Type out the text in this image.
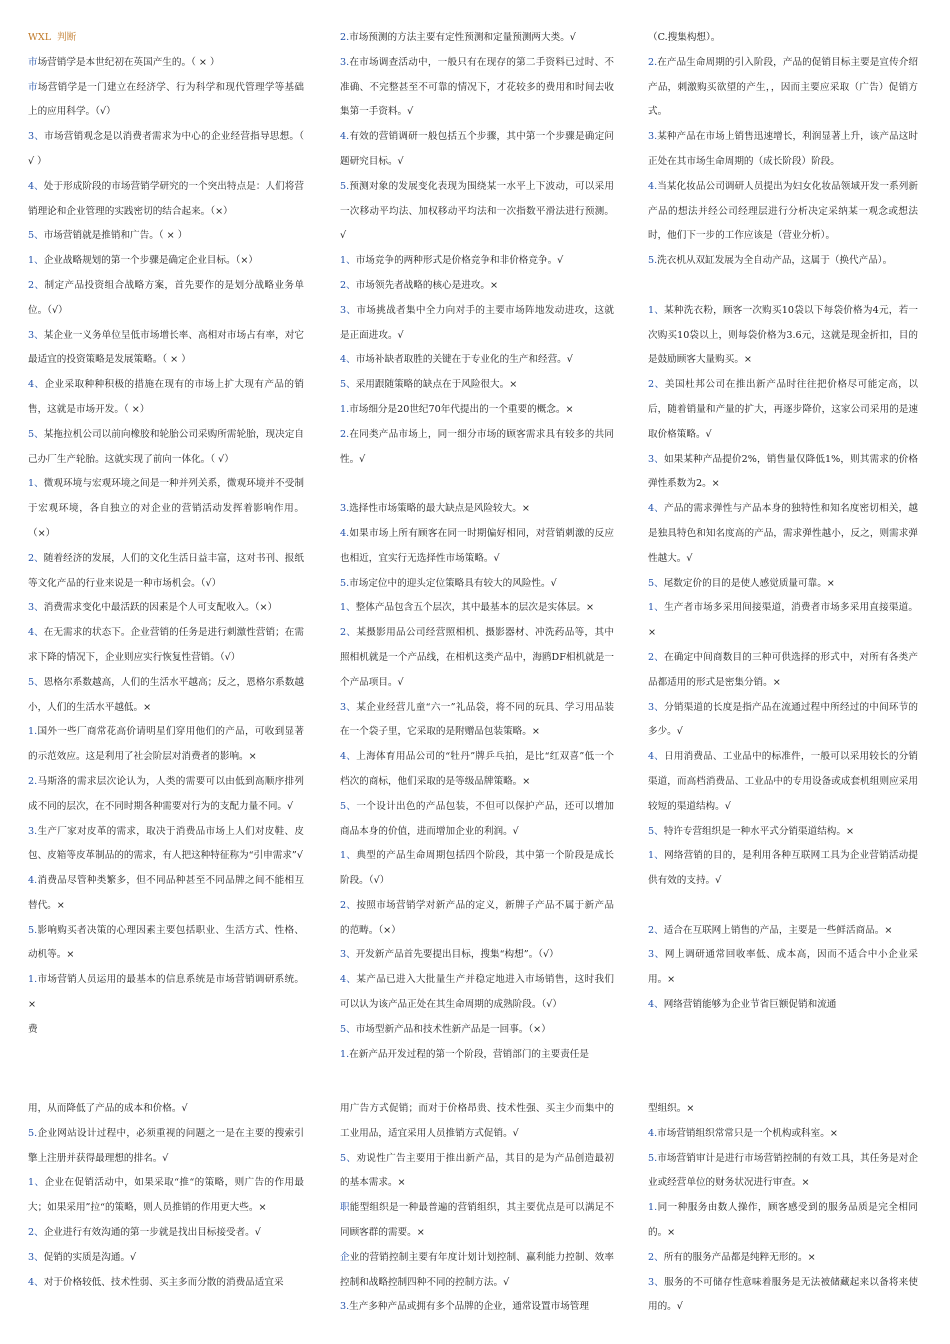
WXL 判断

市场营销学是本世纪初在英国产生的。（ × ）

市场营销学是一门建立在经济学、行为科学和现代管理学等基础上的应用科学。（√）

3、市场营销观念是以消费者需求为中心的企业经营指导思想。（ √ ）

4、处于形成阶段的市场营销学研究的一个突出特点是：人们将营销理论和企业管理的实践密切的结合起来。（×）

5、市场营销就是推销和广告。（ × ）

1、企业战略规划的第一个步骤是确定企业目标。（×）

2、制定产品投资组合战略方案，首先要作的是划分战略业务单位。（√）

3、某企业一义务单位呈低市场增长率、高相对市场占有率，对它最适宜的投资策略是发展策略。（ × ）

4、企业采取种种积极的措施在现有的市场上扩大现有产品的销售，这就是市场开发。（ ×）

5、某拖拉机公司以前向橡胶和轮胎公司采购所需轮胎，现决定自己办厂生产轮胎。这就实现了前向一体化。（ √）

1、微观环境与宏观环境之间是一种并列关系，微观环境并不受制于宏观环境，各自独立的对企业的营销活动发挥着影响作用。（×）

2、随着经济的发展，人们的文化生活日益丰富，这对书刊、报纸等文化产品的行业来说是一种市场机会。（√）

3、消费需求变化中最活跃的因素是个人可支配收入。（×）

4、在无需求的状态下。企业营销的任务是进行刺激性营销；在需求下降的情况下，企业则应实行恢复性营销。（√）

5、恩格尔系数越高，人们的生活水平越高；反之，恩格尔系数越小，人们的生活水平越低。×

1.国外一些厂商常花高价请明星们穿用他们的产品，可收到显著的示范效应。这是利用了社会阶层对消费者的影响。×

2.马斯洛的需求层次论认为，人类的需要可以由低到高顺序排列成不同的层次，在不同时期各种需要对行为的支配力量不同。√

3.生产厂家对皮革的需求，取决于消费品市场上人们对皮鞋、皮包、皮箱等皮革制品的的需求，有人把这种特征称为“引申需求”√

4.消费品尽管种类繁多，但不同品种甚至不同品牌之间不能相互替代。×

5.影响购买者决策的心理因素主要包括职业、生活方式、性格、动机等。×

1.市场营销人员运用的最基本的信息系统是市场营销调研系统。×

费

2.市场预测的方法主要有定性预测和定量预测两大类。√

3.在市场调查活动中，一般只有在现存的第二手资料已过时、不准确、不完整甚至不可靠的情况下，才花较多的费用和时间去收集第一手资料。√

4.有效的营销调研一般包括五个步骤，其中第一个步骤是确定问题研究目标。√

5.预测对象的发展变化表现为围绕某一水平上下波动，可以采用一次移动平均法、加权移动平均法和一次指数平滑法进行预测。√

1、市场竞争的两种形式是价格竞争和非价格竞争。√

2、市场领先者战略的核心是进攻。×

3、市场挑战者集中全力向对手的主要市场阵地发动进攻，这就是正面进攻。√

4、市场补缺者取胜的关键在于专业化的生产和经营。√

5、采用跟随策略的缺点在于风险很大。×

1.市场细分是20世纪70年代提出的一个重要的概念。×

2.在同类产品市场上，同一细分市场的顾客需求具有较多的共同性。√

3.选择性市场策略的最大缺点是风险较大。×

4.如果市场上所有顾客在同一时期偏好相同，对营销刺激的反应也相近，宜实行无选择性市场策略。√

5.市场定位中的迎头定位策略具有较大的风险性。√

1、整体产品包含五个层次，其中最基本的层次是实体层。×

2、某摄影用品公司经营照相机、摄影器材、冲洗药品等，其中照相机就是一个产品线，在相机这类产品中，海鸥DF相机就是一个产品项目。√

3、某企业经营儿童“六一”礼品袋，将不同的玩具、学习用品装在一个袋子里，它采取的是附赠品包装策略。×

4、上海体育用品公司的“牡丹”牌乒乓拍，是比“红双喜”低一个档次的商标，他们采取的是等级品牌策略。×

5、一个设计出色的产品包装，不但可以保护产品，还可以增加商品本身的价值，进而增加企业的利润。√

1、典型的产品生命周期包括四个阶段，其中第一个阶段是成长阶段。（√）

2、按照市场营销学对新产品的定义，新牌子产品不属于新产品的范畴。（×）

3、开发新产品首先要提出目标，搜集“构想”。（√）

4、某产品已进入大批量生产并稳定地进入市场销售，这时我们可以认为该产品正处在其生命周期的成熟阶段。（√）

5、市场型新产品和技术性新产品是一回事。（×）

1.在新产品开发过程的第一个阶段，营销部门的主要责任是

（C.搜集构想）。

2.在产品生命周期的引入阶段，产品的促销目标主要是宣传介绍产品，刺激购买欲望的产生，，因而主要应采取（广告）促销方式。

3.某种产品在市场上销售迅速增长，利润显著上升，该产品这时正处在其市场生命周期的（成长阶段）阶段。

4.当某化妆品公司调研人员提出为妇女化妆品领域开发一系列新产品的想法并经公司经理层进行分析决定采纳某一观念或想法时，他们下一步的工作应该是（营业分析）。

5.洗衣机从双缸发展为全自动产品，这属于（换代产品）。

1、某种洗衣粉，顾客一次购买10袋以下每袋价格为4元，若一次购买10袋以上，则每袋价格为3.6元，这就是现金折扣，目的是鼓励顾客大量购买。×

2、美国杜邦公司在推出新产品时往往把价格尽可能定高，以后，随着销量和产量的扩大，再逐步降价，这家公司采用的是速取价格策略。√

3、如果某种产品提价2%，销售量仅降低1%，则其需求的价格弹性系数为2。×

4、产品的需求弹性与产品本身的独特性和知名度密切相关，越是独具特色和知名度高的产品，需求弹性越小，反之，则需求弹性越大。√

5、尾数定价的目的是使人感觉质量可靠。×

1、生产者市场多采用间接渠道，消费者市场多采用直接渠道。×

2、在确定中间商数目的三种可供选择的形式中，对所有各类产品都适用的形式是密集分销。×

3、分销渠道的长度是指产品在流通过程中所经过的中间环节的多少。√

4、日用消费品、工业品中的标准件，一般可以采用较长的分销渠道，而高档消费品、工业品中的专用设备或成套机组则应采用较短的渠道结构。√

5、特许专营组织是一种水平式分销渠道结构。×

1、网络营销的目的，是利用各种互联网工具为企业营销活动提供有效的支持。√

2、适合在互联网上销售的产品，主要是一些鲜活商品。×

3、网上调研通常回收率低、成本高，因而不适合中小企业采用。×

4、网络营销能够为企业节省巨额促销和流通

用，从而降低了产品的成本和价格。√

5.企业网站设计过程中，必须重视的问题之一是在主要的搜索引擎上注册并获得最理想的排名。√

1、企业在促销活动中，如果采取“推“的策略，则广告的作用最大；如果采用”拉“的策略，则人员推销的作用更大些。×

2、企业进行有效沟通的第一步就是找出目标接受者。√

3、促销的实质是沟通。√

4、对于价格较低、技术性弱、买主多而分散的消费品适宜采

用广告方式促销；而对于价格昂贵、技术性强、买主少而集中的工业用品，适宜采用人员推销方式促销。√

5、劝说性广告主要用于推出新产品，其目的是为产品创造最初的基本需求。×

职能型组织是一种最普遍的营销组织，其主要优点是可以满足不同顾客群的需要。×

企业的营销控制主要有年度计划计划控制、赢利能力控制、效率控制和战略控制四种不同的控制方法。√

3.生产多种产品或拥有多个品牌的企业，通常设置市场管理

型组织。×

4.市场营销组织常常只是一个机构或科室。×

5.市场营销审计是进行市场营销控制的有效工具，其任务是对企业或经营单位的财务状况进行审查。×

1.同一种服务由数人操作，顾客感受到的服务品质是完全相同的。×

2、所有的服务产品都是纯粹无形的。×

3、服务的不可储存性意味着服务是无法被储藏起来以备将来使用的。√
